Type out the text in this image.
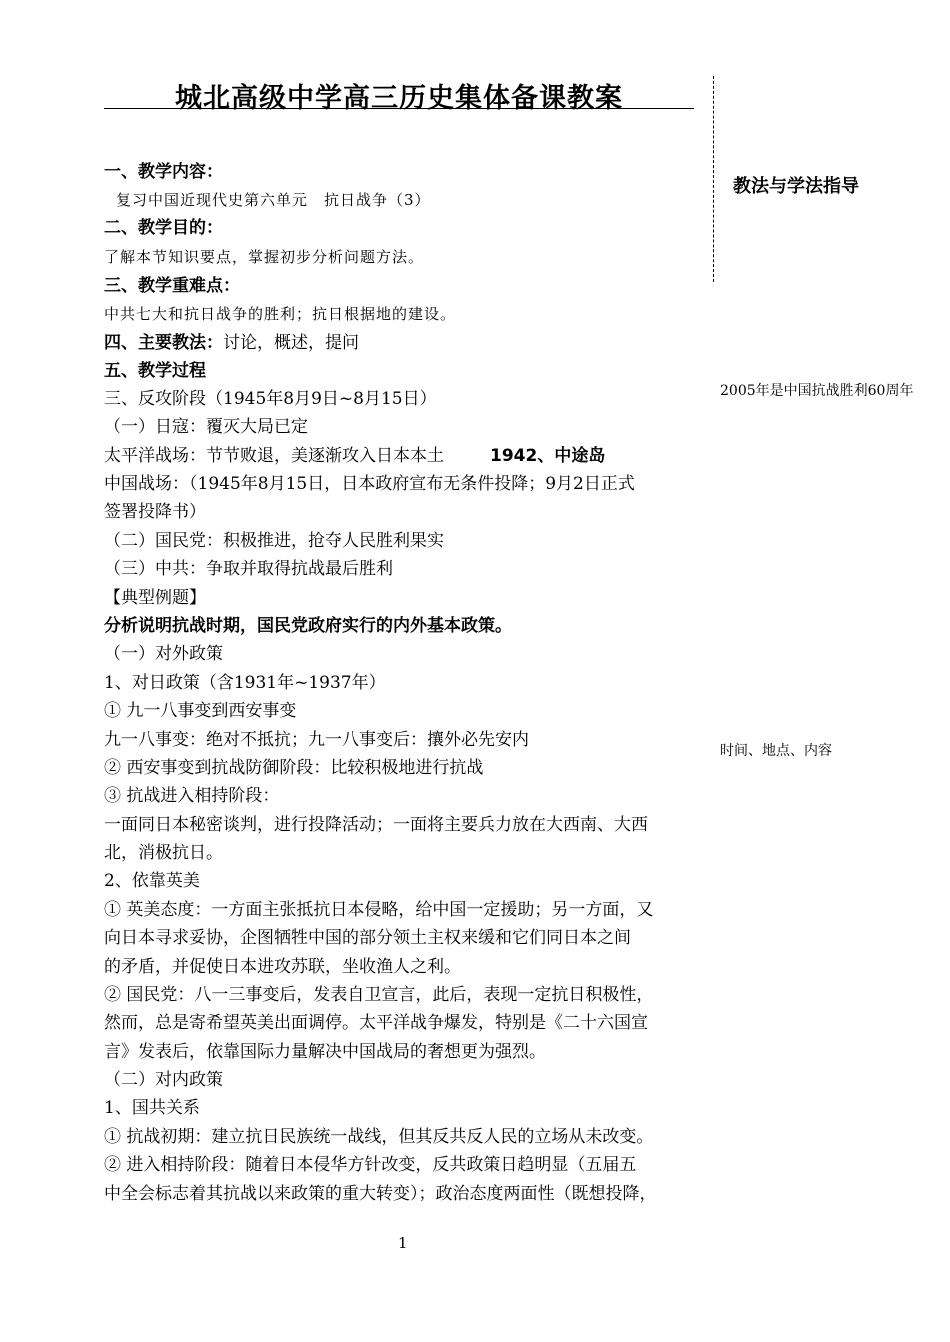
城北高级中学高三历史集体备课教案
教法与学法指导
2005年是中国抗战胜利60周年
时间、地点、内容
一、教学内容：
复习中国近现代史第六单元　抗日战争（3）
二、教学目的：
了解本节知识要点，掌握初步分析问题方法。
三、教学重难点：
中共七大和抗日战争的胜利；抗日根据地的建设。
四、主要教法：讨论，概述，提问
五、教学过程
三、反攻阶段（1945年8月9日~8月15日）
（一）日寇：覆灭大局已定
太平洋战场：节节败退，美逐渐攻入日本本土	1942、中途岛
中国战场：（1945年8月15日，日本政府宣布无条件投降；9月2日正式
签署投降书）
（二）国民党：积极推进，抢夺人民胜利果实
（三）中共：争取并取得抗战最后胜利
【典型例题】
分析说明抗战时期，国民党政府实行的内外基本政策。
（一）对外政策
1、对日政策（含1931年~1937年）
① 九一八事变到西安事变
九一八事变：绝对不抵抗；九一八事变后：攘外必先安内
② 西安事变到抗战防御阶段：比较积极地进行抗战
③ 抗战进入相持阶段：
一面同日本秘密谈判，进行投降活动；一面将主要兵力放在大西南、大西
北，消极抗日。
2、依靠英美
① 英美态度：一方面主张抵抗日本侵略，给中国一定援助；另一方面，又
向日本寻求妥协，企图牺牲中国的部分领土主权来缓和它们同日本之间
的矛盾，并促使日本进攻苏联，坐收渔人之利。
② 国民党：八一三事变后，发表自卫宣言，此后，表现一定抗日积极性，
然而，总是寄希望英美出面调停。太平洋战争爆发，特别是《二十六国宣
言》发表后，依靠国际力量解决中国战局的奢想更为强烈。
（二）对内政策
1、国共关系
① 抗战初期：建立抗日民族统一战线，但其反共反人民的立场从未改变。
② 进入相持阶段：随着日本侵华方针改变，反共政策日趋明显（五届五
中全会标志着其抗战以来政策的重大转变）；政治态度两面性（既想投降，
1
